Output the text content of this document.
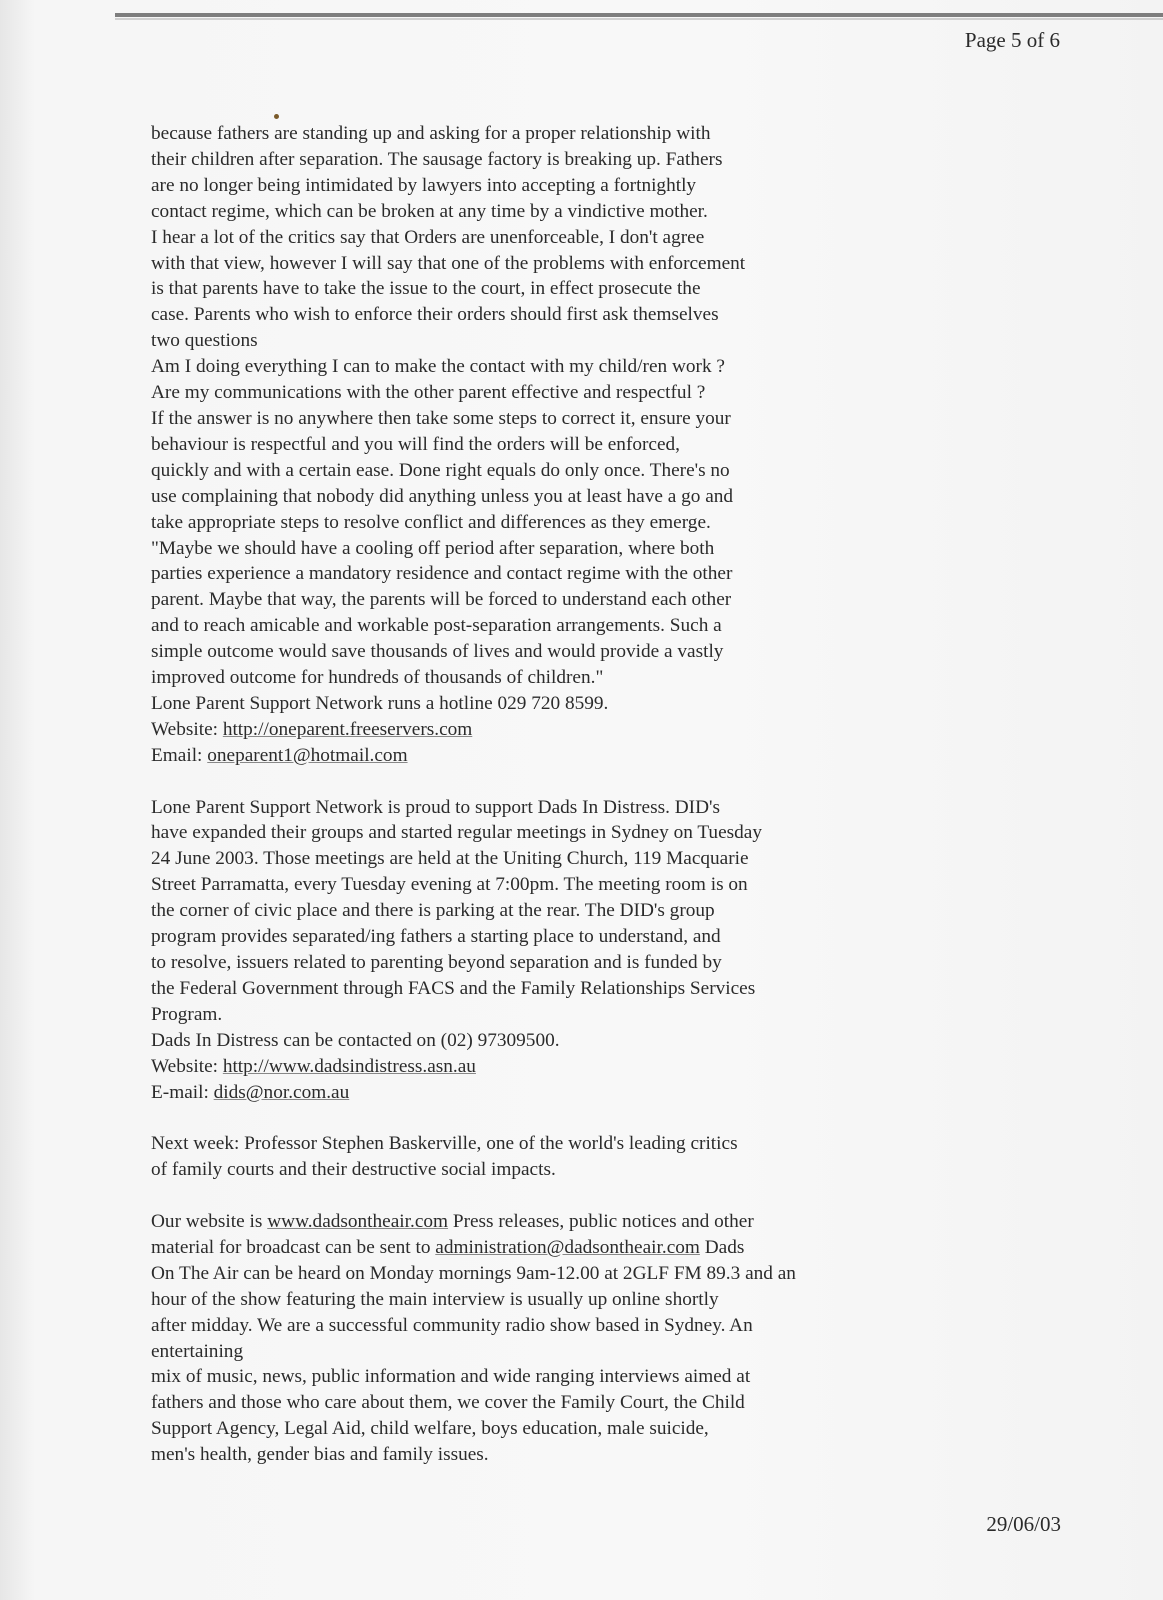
Page 5 of 6
because fathers are standing up and asking for a proper relationship with
their children after separation. The sausage factory is breaking up. Fathers
are no longer being intimidated by lawyers into accepting a fortnightly
contact regime, which can be broken at any time by a vindictive mother.
I hear a lot of the critics say that Orders are unenforceable, I don't agree
with that view, however I will say that one of the problems with enforcement
is that parents have to take the issue to the court, in effect prosecute the
case. Parents who wish to enforce their orders should first ask themselves
two questions
Am I doing everything I can to make the contact with my child/ren work ?
Are my communications with the other parent effective and respectful ?
If the answer is no anywhere then take some steps to correct it, ensure your
behaviour is respectful and you will find the orders will be enforced,
quickly and with a certain ease. Done right equals do only once. There's no
use complaining that nobody did anything unless you at least have a go and
take appropriate steps to resolve conflict and differences as they emerge.
"Maybe we should have a cooling off period after separation, where both
parties experience a mandatory residence and contact regime with the other
parent. Maybe that way, the parents will be forced to understand each other
and to reach amicable and workable post-separation arrangements. Such a
simple outcome would save thousands of lives and would provide a vastly
improved outcome for hundreds of thousands of children."
Lone Parent Support Network runs a hotline 029 720 8599.
Website: http://oneparent.freeservers.com
Email: oneparent1@hotmail.com
Lone Parent Support Network is proud to support Dads In Distress. DID's
have expanded their groups and started regular meetings in Sydney on Tuesday
24 June 2003. Those meetings are held at the Uniting Church, 119 Macquarie
Street Parramatta, every Tuesday evening at 7:00pm. The meeting room is on
the corner of civic place and there is parking at the rear. The DID's group
program provides separated/ing fathers a starting place to understand, and
to resolve, issuers related to parenting beyond separation and is funded by
the Federal Government through FACS and the Family Relationships Services
Program.
Dads In Distress can be contacted on (02) 97309500.
Website: http://www.dadsindistress.asn.au
E-mail: dids@nor.com.au
Next week: Professor Stephen Baskerville, one of the world's leading critics
of family courts and their destructive social impacts.
Our website is www.dadsontheair.com Press releases, public notices and other
material for broadcast can be sent to administration@dadsontheair.com Dads
On The Air can be heard on Monday mornings 9am-12.00 at 2GLF FM 89.3 and an
hour of the show featuring the main interview is usually up online shortly
after midday. We are a successful community radio show based in Sydney. An
entertaining
mix of music, news, public information and wide ranging interviews aimed at
fathers and those who care about them, we cover the Family Court, the Child
Support Agency, Legal Aid, child welfare, boys education, male suicide,
men's health, gender bias and family issues.
29/06/03
